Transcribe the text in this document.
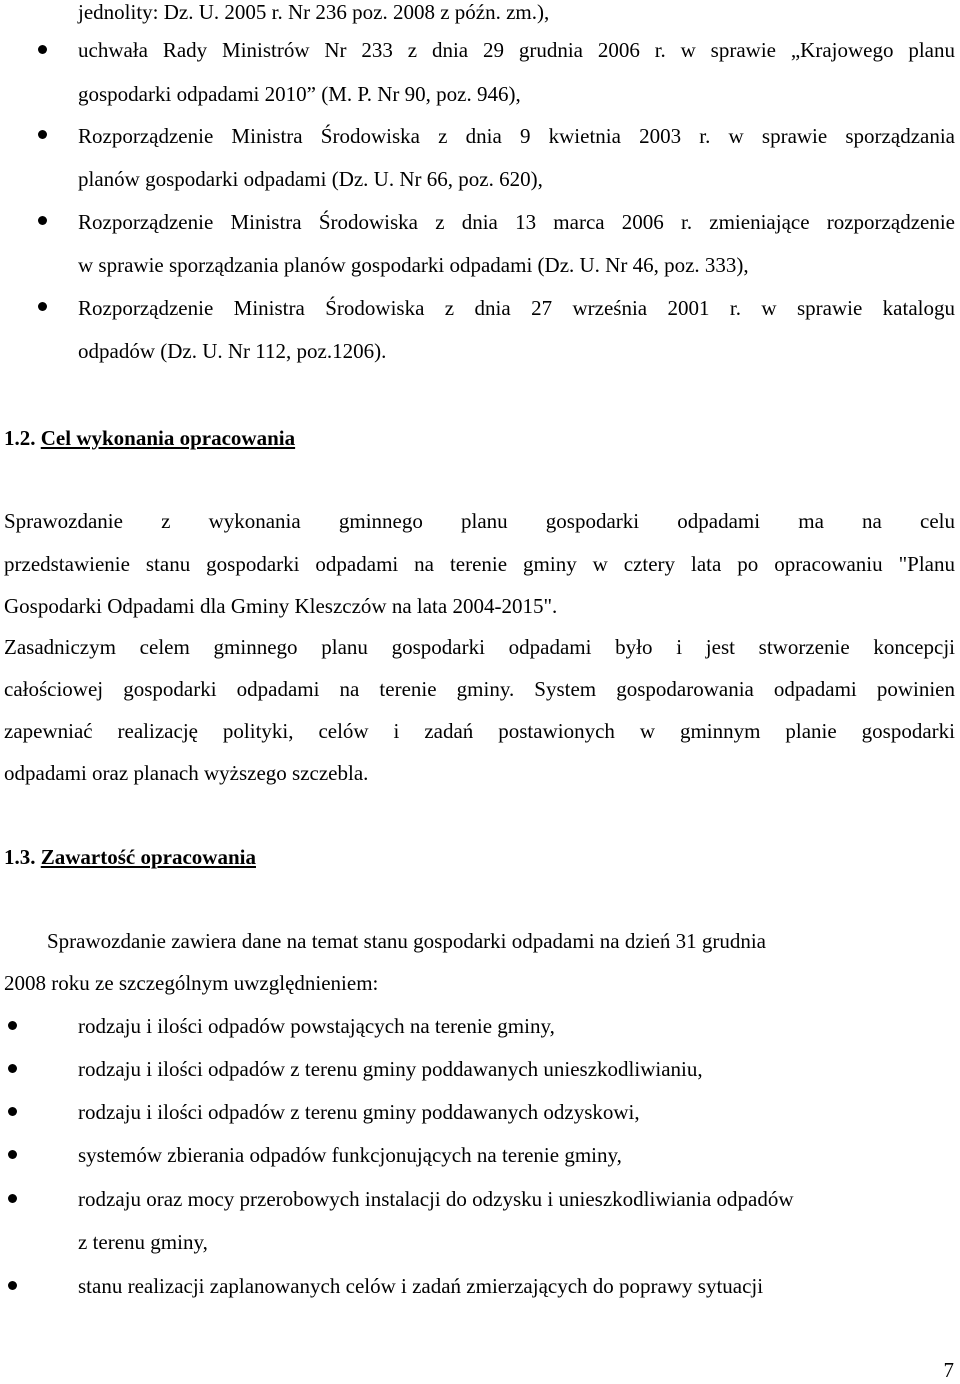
jednolity: Dz. U. 2005 r. Nr 236 poz. 2008 z późn. zm.),
uchwała Rady Ministrów Nr 233 z dnia 29 grudnia 2006 r. w sprawie „Krajowego planu
gospodarki odpadami 2010” (M. P. Nr 90, poz. 946),
Rozporządzenie Ministra Środowiska z dnia 9 kwietnia 2003 r. w sprawie sporządzania
planów gospodarki odpadami (Dz. U. Nr 66, poz. 620),
Rozporządzenie Ministra Środowiska z dnia 13 marca 2006 r. zmieniające rozporządzenie
w sprawie sporządzania planów gospodarki odpadami (Dz. U. Nr 46, poz. 333),
Rozporządzenie Ministra Środowiska z dnia 27 września 2001 r. w sprawie katalogu
odpadów (Dz. U. Nr 112, poz.1206).
1.2. Cel wykonania opracowania
Sprawozdanie z wykonania gminnego planu gospodarki odpadami ma na celu
przedstawienie stanu gospodarki odpadami na terenie gminy w cztery lata po opracowaniu "Planu
Gospodarki Odpadami dla Gminy Kleszczów na lata 2004-2015".
Zasadniczym celem gminnego planu gospodarki odpadami było i jest stworzenie koncepcji
całościowej gospodarki odpadami na terenie gminy. System gospodarowania odpadami powinien
zapewniać realizację polityki, celów i zadań postawionych w gminnym planie gospodarki
odpadami oraz planach wyższego szczebla.
1.3. Zawartość opracowania
Sprawozdanie zawiera dane na temat stanu gospodarki odpadami na dzień 31 grudnia
2008 roku ze szczególnym uwzględnieniem:
rodzaju i ilości odpadów powstających na terenie gminy,
rodzaju i ilości odpadów z terenu gminy poddawanych unieszkodliwianiu,
rodzaju i ilości odpadów z terenu gminy poddawanych odzyskowi,
systemów zbierania odpadów funkcjonujących na terenie gminy,
rodzaju oraz mocy przerobowych instalacji do odzysku i unieszkodliwiania odpadów
z terenu gminy,
stanu realizacji zaplanowanych celów i zadań zmierzających do poprawy sytuacji
7
